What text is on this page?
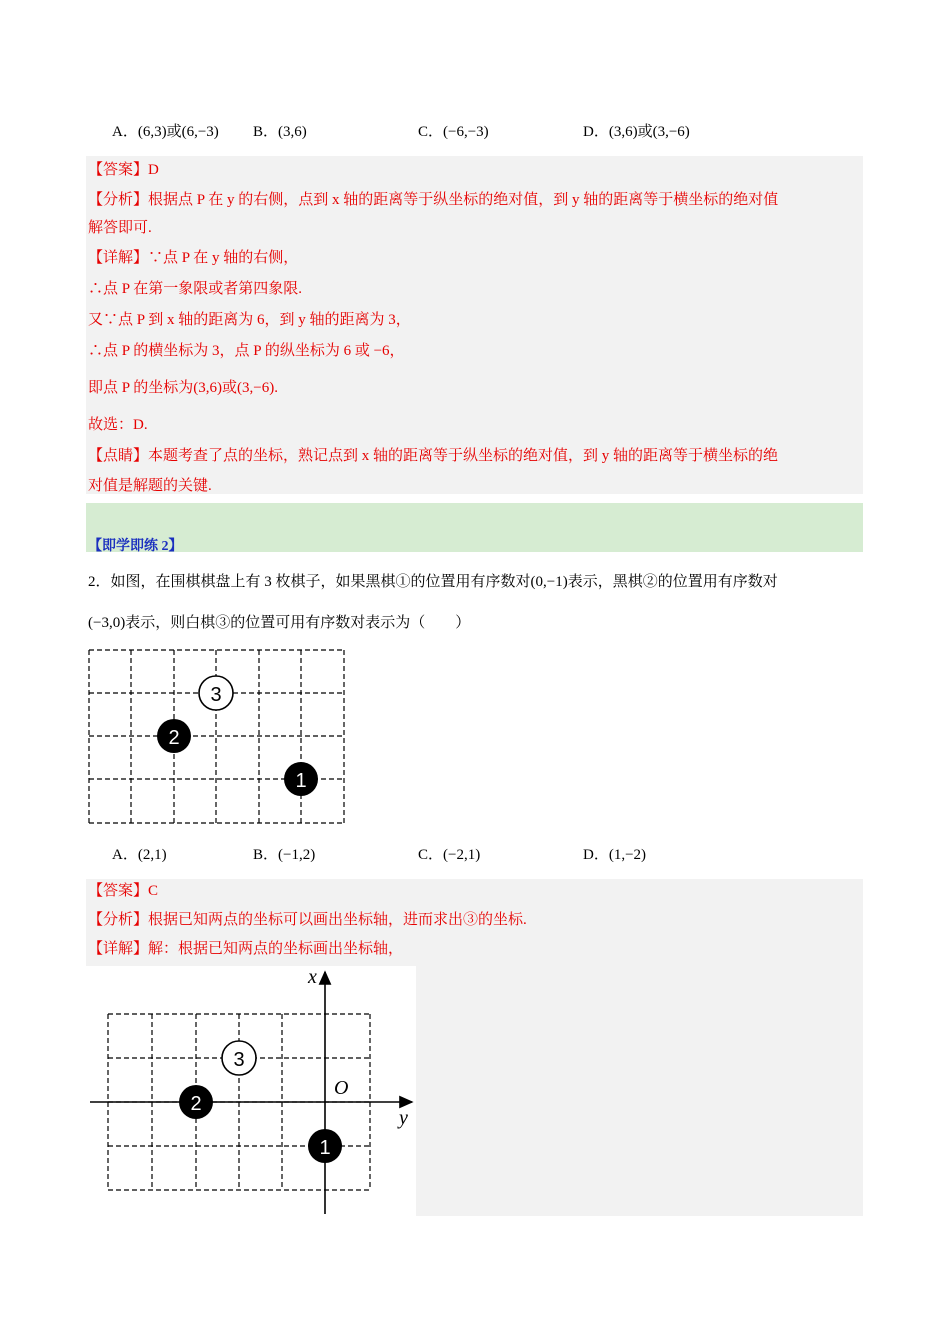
A．(6,3)或(6,−3) B．(3,6)	C．(−6,−3)	D．(3,6)或(3,−6)
【答案】D
【分析】根据点 P 在 y 的右侧，点到 x 轴的距离等于纵坐标的绝对值，到 y 轴的距离等于横坐标的绝对值
解答即可.
【详解】∵点 P 在 y 轴的右侧，
∴点 P 在第一象限或者第四象限.
又∵点 P 到 x 轴的距离为 6，到 y 轴的距离为 3，
∴点 P 的横坐标为 3，点 P 的纵坐标为 6 或 −6，
即点 P 的坐标为(3,6)或(3,−6).
故选：D.
【点睛】本题考查了点的坐标，熟记点到 x 轴的距离等于纵坐标的绝对值，到 y 轴的距离等于横坐标的绝
对值是解题的关键.
【即学即练 2】
2．如图，在围棋棋盘上有 3 枚棋子，如果黑棋①的位置用有序数对(0,−1)表示，黑棋②的位置用有序数对
(−3,0)表示，则白棋③的位置可用有序数对表示为（　　）
3
2
1
A．(2,1)	B．(−1,2)	C．(−2,1)	D．(1,−2)
【答案】C
【分析】根据已知两点的坐标可以画出坐标轴，进而求出③的坐标.
【详解】解：根据已知两点的坐标画出坐标轴，
x
y
O
3
2
1
